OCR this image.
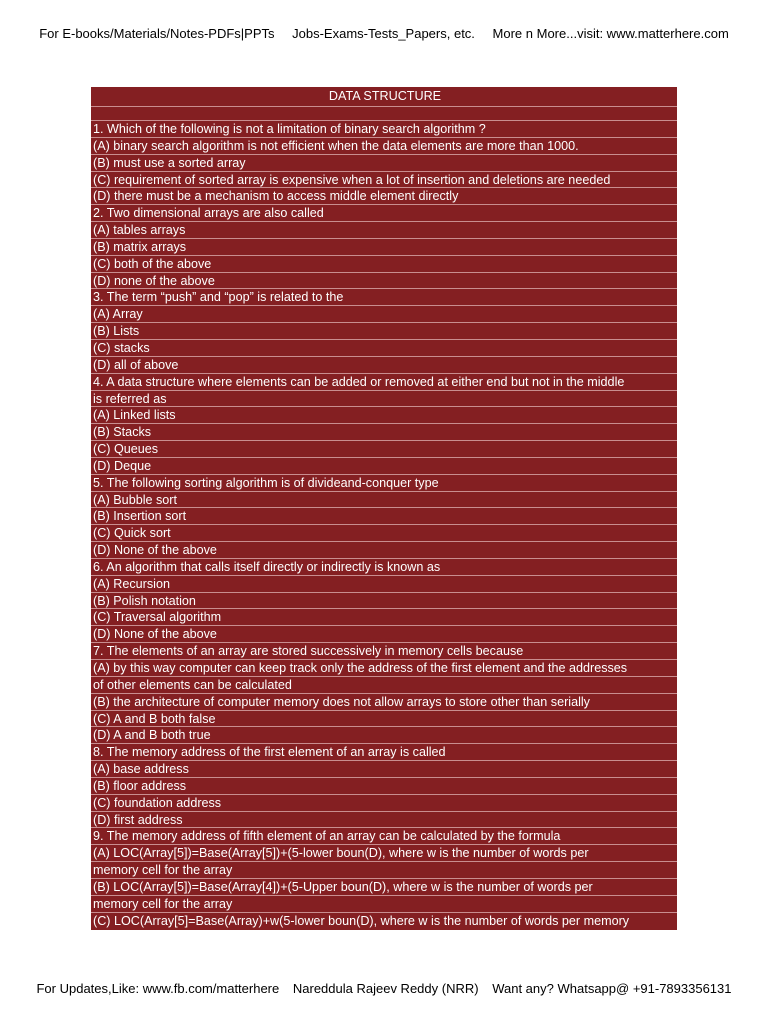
For E-books/Materials/Notes-PDFs|PPTs Jobs-Exams-Tests_Papers, etc. More n More...visit: www.matterhere.com
DATA STRUCTURE
1. Which of the following is not a limitation of binary search algorithm ?
(A) binary search algorithm is not efficient when the data elements are more than 1000.
(B) must use a sorted array
(C) requirement of sorted array is expensive when a lot of insertion and deletions are needed
(D) there must be a mechanism to access middle element directly
2. Two dimensional arrays are also called
(A) tables arrays
(B) matrix arrays
(C) both of the above
(D) none of the above
3. The term “push” and “pop” is related to the
(A) Array
(B) Lists
(C) stacks
(D) all of above
4. A data structure where elements can be added or removed at either end but not in the middle
is referred as
(A) Linked lists
(B) Stacks
(C) Queues
(D) Deque
5. The following sorting algorithm is of divideand-conquer type
(A) Bubble sort
(B) Insertion sort
(C) Quick sort
(D) None of the above
6. An algorithm that calls itself directly or indirectly is known as
(A) Recursion
(B) Polish notation
(C) Traversal algorithm
(D) None of the above
7. The elements of an array are stored successively in memory cells because
(A) by this way computer can keep track only the address of the first element and the addresses
of other elements can be calculated
(B) the architecture of computer memory does not allow arrays to store other than serially
(C) A and B both false
(D) A and B both true
8. The memory address of the first element of an array is called
(A) base address
(B) floor address
(C) foundation address
(D) first address
9. The memory address of fifth element of an array can be calculated by the formula
(A) LOC(Array[5])=Base(Array[5])+(5-lower boun(D), where w is the number of words per
memory cell for the array
(B) LOC(Array[5])=Base(Array[4])+(5-Upper boun(D), where w is the number of words per
memory cell for the array
(C) LOC(Array[5]=Base(Array)+w(5-lower boun(D), where w is the number of words per memory
For Updates,Like: www.fb.com/matterhere Nareddula Rajeev Reddy (NRR) Want any? Whatsapp@ +91-7893356131
